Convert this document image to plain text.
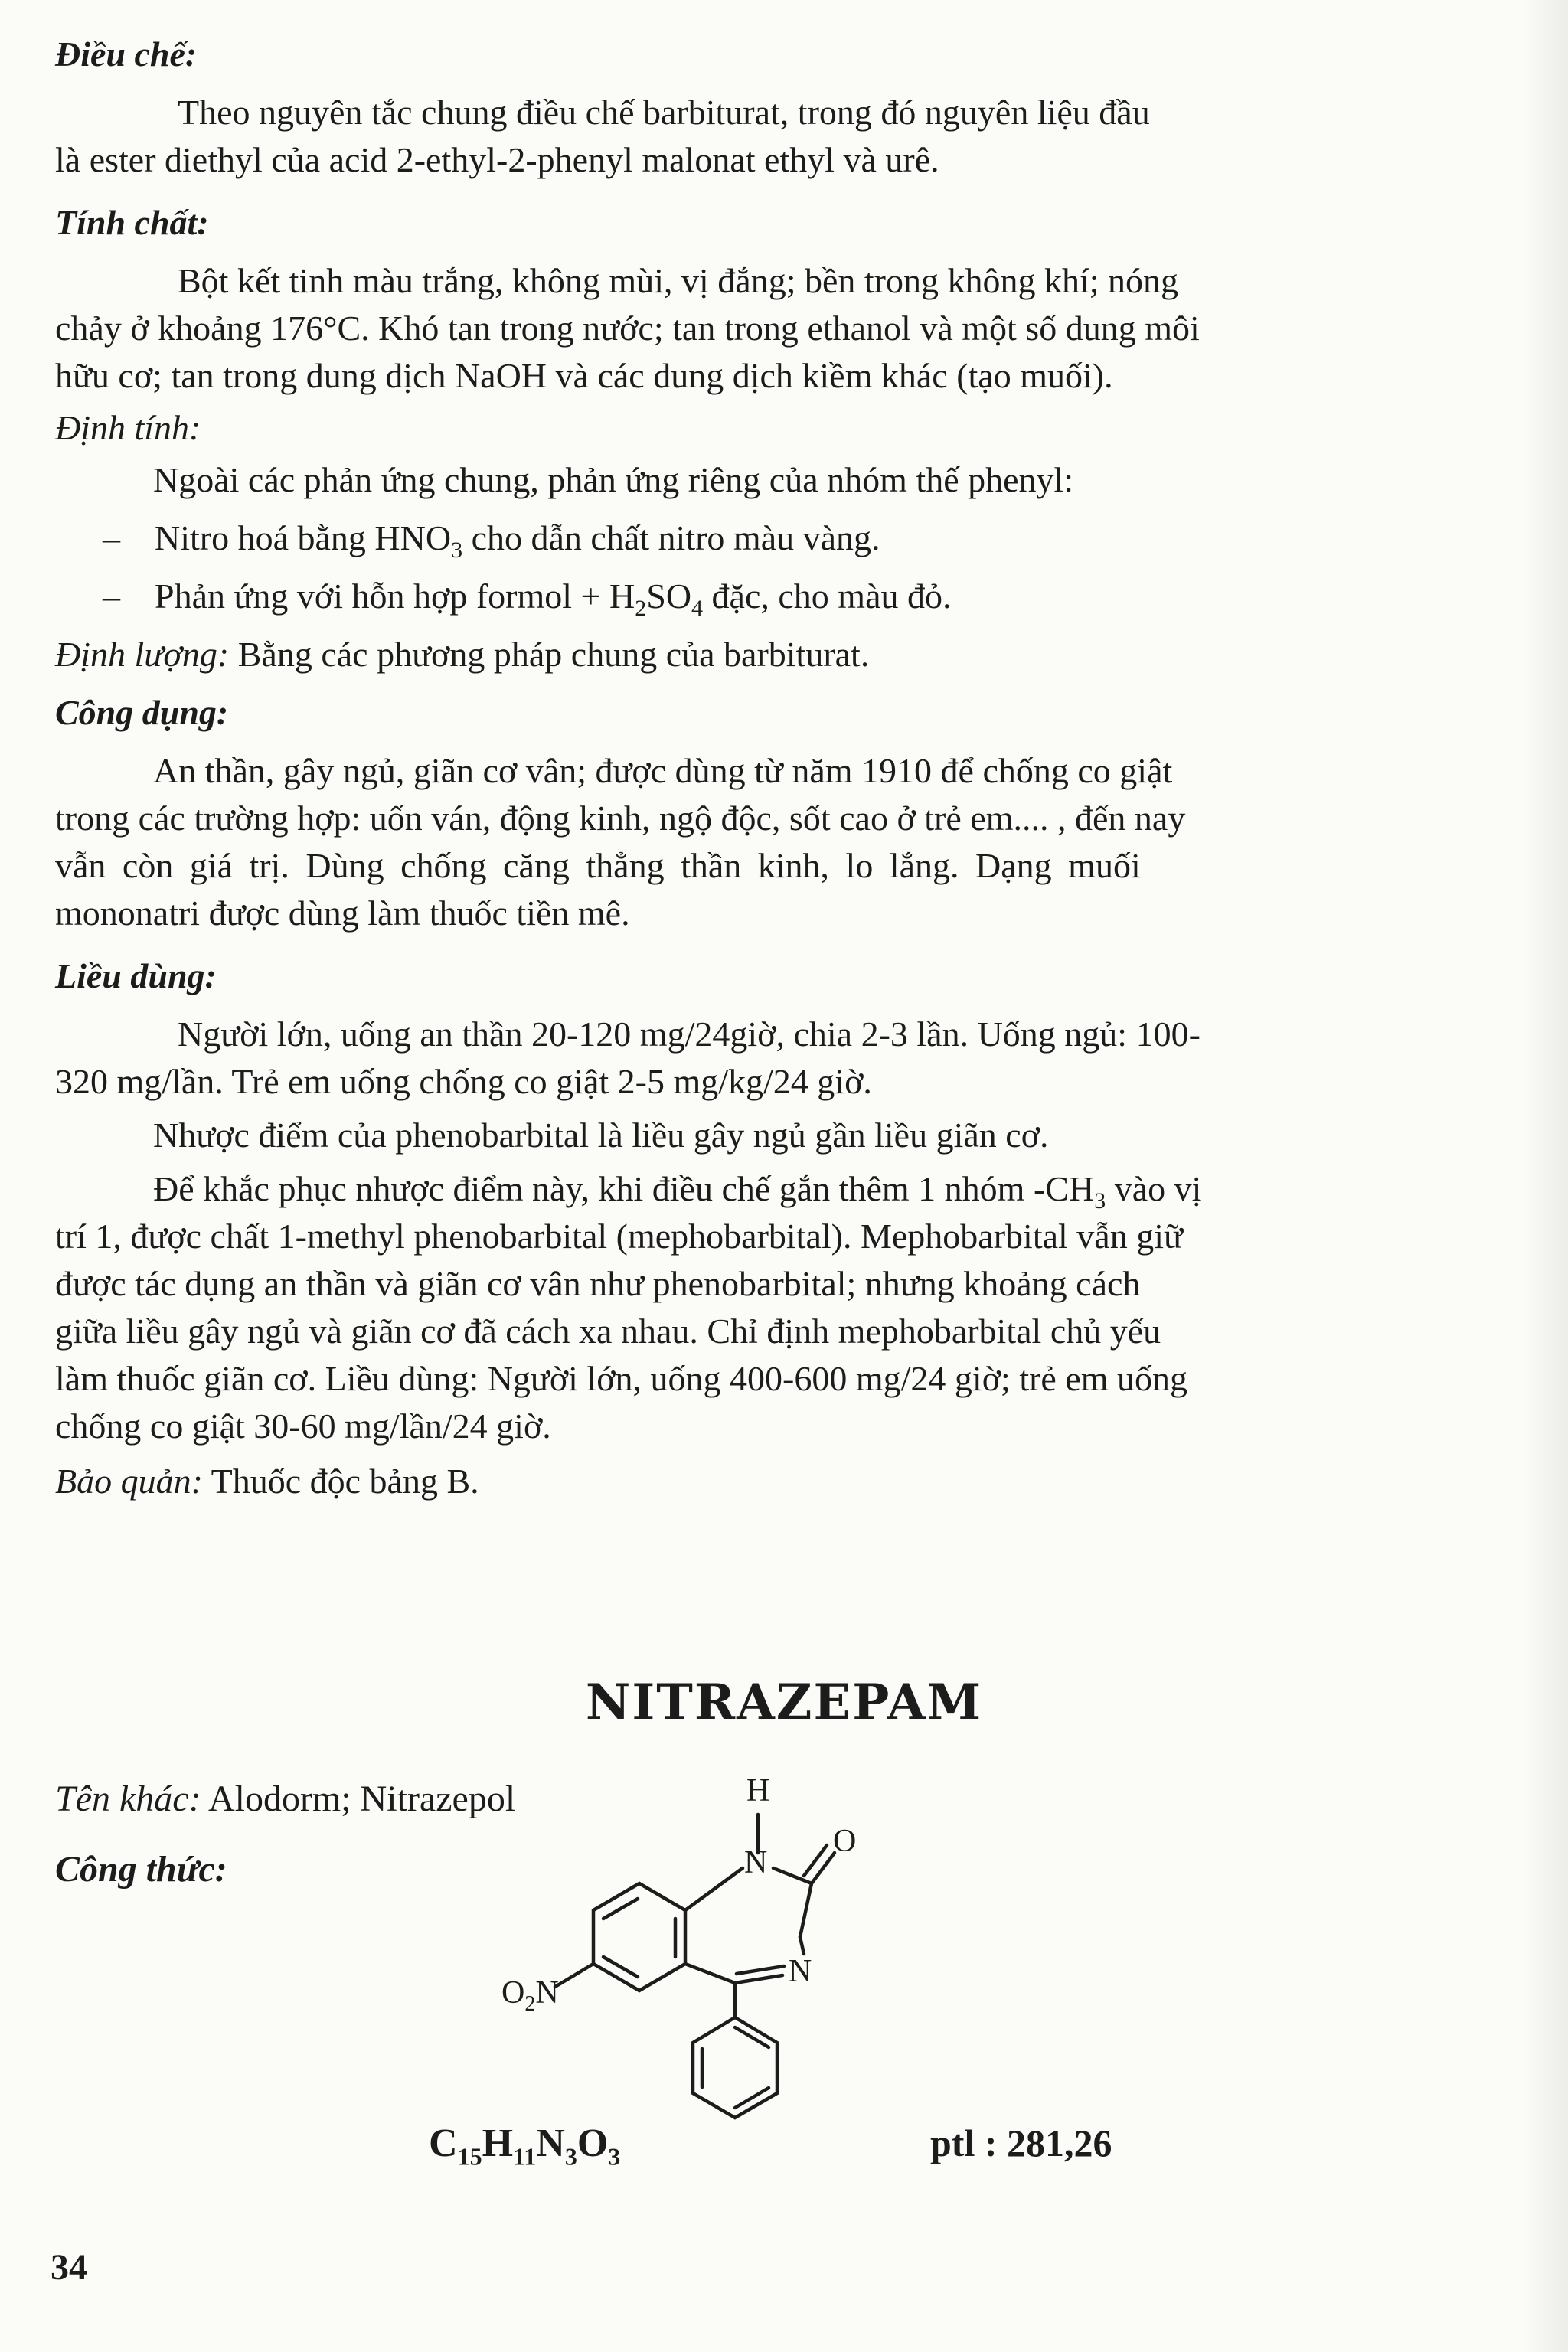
Điều chế:

Theo nguyên tắc chung điều chế barbiturat, trong đó nguyên liệu đầu

là ester diethyl của acid 2-ethyl-2-phenyl malonat ethyl và urê.

Tính chất:

Bột kết tinh màu trắng, không mùi, vị đắng; bền trong không khí; nóng

chảy ở khoảng 176°C. Khó tan trong nước; tan trong ethanol và một số dung môi

hữu cơ; tan trong dung dịch NaOH và các dung dịch kiềm khác (tạo muối).

Định tính:

Ngoài các phản ứng chung, phản ứng riêng của nhóm thế phenyl:

– Nitro hoá bằng $HNO_3$ cho dẫn chất nitro màu vàng.

– Phản ứng với hỗn hợp formol + $H_2SO_4$ đặc, cho màu đỏ.

Định lượng: Bằng các phương pháp chung của barbiturat.

Công dụng:

An thần, gây ngủ, giãn cơ vân; được dùng từ năm 1910 để chống co giật

trong các trường hợp: uốn ván, động kinh, ngộ độc, sốt cao ở trẻ em.... , đến nay

vẫn còn giá trị. Dùng chống căng thẳng thần kinh, lo lắng. Dạng muối

mononatri được dùng làm thuốc tiền mê.

Liều dùng:

Người lớn, uống an thần 20-120 mg/24giờ, chia 2-3 lần. Uống ngủ: 100-

320 mg/lần. Trẻ em uống chống co giật 2-5 mg/kg/24 giờ.

Nhược điểm của phenobarbital là liều gây ngủ gần liều giãn cơ.

Để khắc phục nhược điểm này, khi điều chế gắn thêm 1 nhóm $-CH_3$ vào vị

trí 1, được chất 1-methyl phenobarbital (mephobarbital). Mephobarbital vẫn giữ

được tác dụng an thần và giãn cơ vân như phenobarbital; nhưng khoảng cách

giữa liều gây ngủ và giãn cơ đã cách xa nhau. Chỉ định mephobarbital chủ yếu

làm thuốc giãn cơ. Liều dùng: Người lớn, uống 400-600 mg/24 giờ; trẻ em uống

chống co giật 30-60 mg/lần/24 giờ.

Bảo quản: Thuốc độc bảng B.

NITRAZEPAM
Tên khác: Alodorm; Nitrazepol
Công thức:
H
N
O
N
$O_2N$
$C_{15}H_{11}N_3O_3$	ptl : 281,26
34
